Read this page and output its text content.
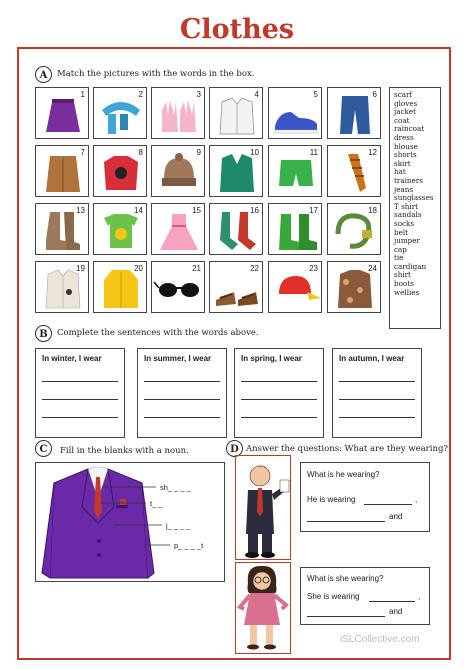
Clothes
A	Match the pictures with the words in the box.
1	2	3	4	5	6
7	8	9	10	11	12
13	14	15	16	17	18
19	20	21	22	23	24
scarf
gloves
jacket
coat
raincoat
dress
blouse
shorts
skirt
hat
trainers
jeans
sunglasses
T shirt
sandals
socks
belt
jumper
cap
tie
cardigan
shirt
boots
wellies
B	Complete the sentences with the words above.
In winter, I wear	In summer, I wear	In spring, I wear	In autumn, I wear
C	Fill in the blanks with a noun.
sh_ _ _ _
t_ _
j_ _ _ _
p_ _ _ _t
D Answer the questions: What are they wearing?
What is he wearing?
He is wearing	,
and
What is she wearing?
She is wearing	,
and
iSLCollective.com
